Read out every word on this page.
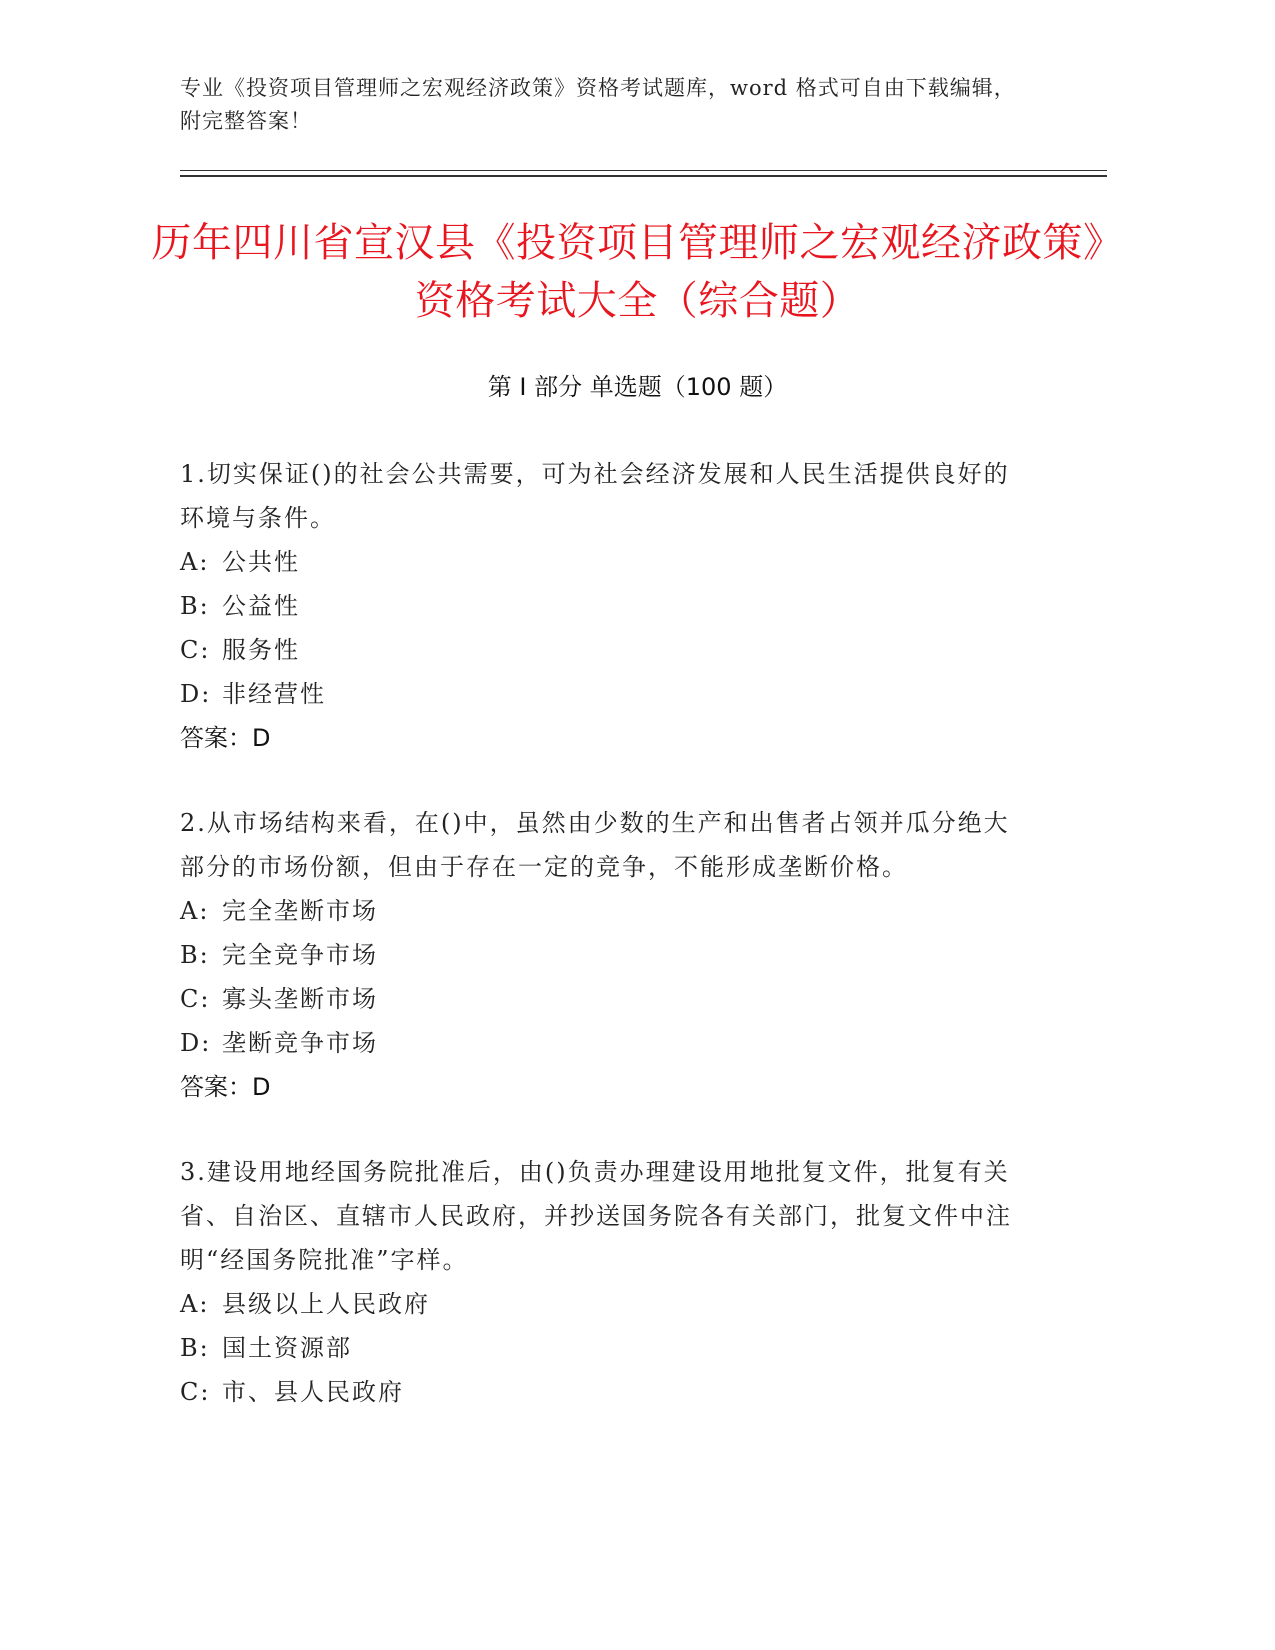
专业《投资项目管理师之宏观经济政策》资格考试题库，word 格式可自由下载编辑，附完整答案！
历年四川省宣汉县《投资项目管理师之宏观经济政策》资格考试大全（综合题）
第 I 部分 单选题（100 题）
1.切实保证()的社会公共需要，可为社会经济发展和人民生活提供良好的环境与条件。
A: 公共性
B: 公益性
C: 服务性
D: 非经营性
答案：D
2.从市场结构来看，在()中，虽然由少数的生产和出售者占领并瓜分绝大部分的市场份额，但由于存在一定的竞争，不能形成垄断价格。
A: 完全垄断市场
B: 完全竞争市场
C: 寡头垄断市场
D: 垄断竞争市场
答案：D
3.建设用地经国务院批准后，由()负责办理建设用地批复文件，批复有关省、自治区、直辖市人民政府，并抄送国务院各有关部门，批复文件中注明“经国务院批准”字样。
A: 县级以上人民政府
B: 国土资源部
C: 市、县人民政府
